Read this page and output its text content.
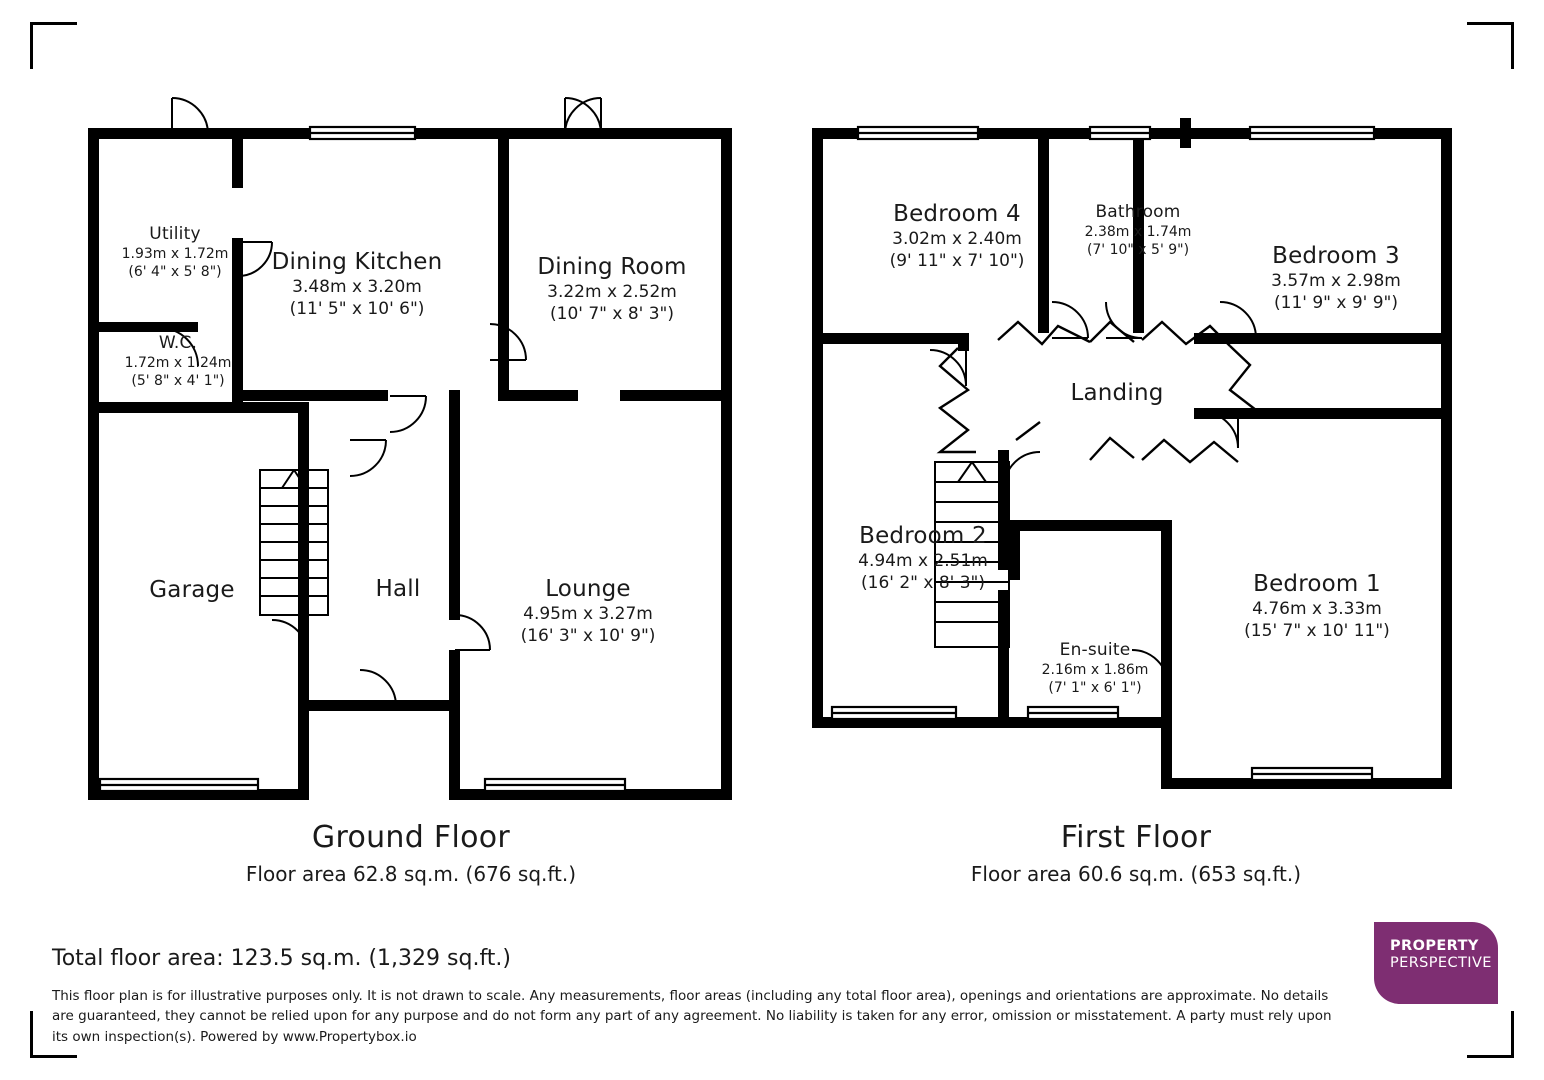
Utility
1.93m x 1.72m
(6' 4" x 5' 8")
W.C.
1.72m x 1.24m
(5' 8" x 4' 1")
Dining Kitchen
3.48m x 3.20m
(11' 5" x 10' 6")
Dining Room
3.22m x 2.52m
(10' 7" x 8' 3")
Garage	Hall	Lounge
4.95m x 3.27m
(16' 3" x 10' 9")
Bedroom 4
3.02m x 2.40m
(9' 11" x 7' 10")
Bathroom
2.38m x 1.74m
(7' 10" x 5' 9")	Bedroom 3
3.57m x 2.98m
(11' 9" x 9' 9")
Landing
Bedroom 2
4.94m x 2.51m
(16' 2" x 8' 3")	Bedroom 1
4.76m x 3.33m
(15' 7" x 10' 11")
En-suite
2.16m x 1.86m
(7' 1" x 6' 1")
Ground Floor
Floor area 62.8 sq.m. (676 sq.ft.)
First Floor
Floor area 60.6 sq.m. (653 sq.ft.)
Total floor area: 123.5 sq.m. (1,329 sq.ft.)
This floor plan is for illustrative purposes only. It is not drawn to scale. Any measurements, floor areas (including any total floor area), openings and orientations are approximate. No details are guaranteed, they cannot be relied upon for any purpose and do not form any part of any agreement. No liability is taken for any error, omission or misstatement. A party must rely upon its own inspection(s). Powered by www.Propertybox.io
PROPERTY
PERSPECTIVE
